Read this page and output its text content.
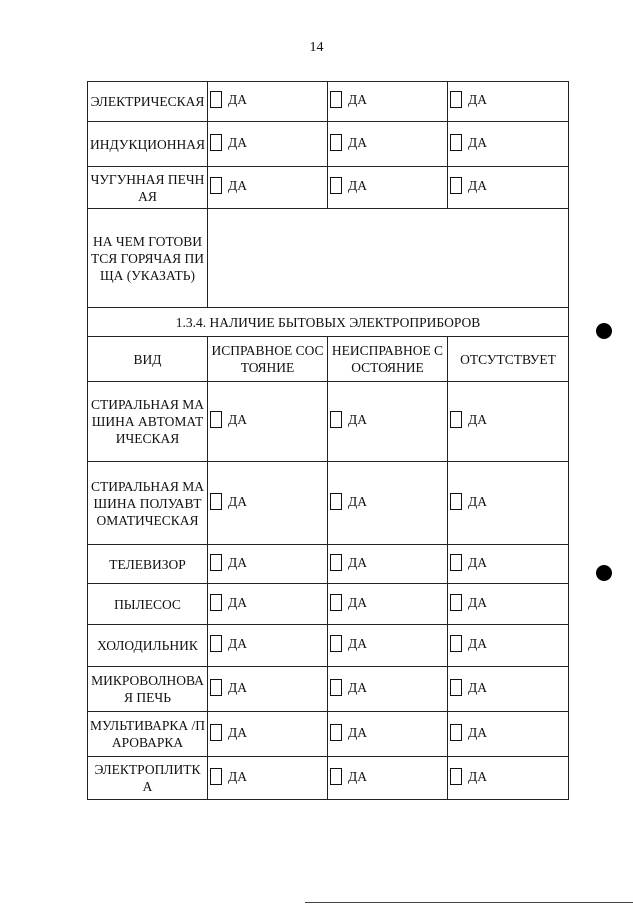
14
ЭЛЕКТРИЧЕСКАЯ	ДА	ДА	ДА

ИНДУКЦИОННАЯ	ДА	ДА	ДА

ЧУГУННАЯ ПЕЧНАЯ	ДА	ДА	ДА

НА ЧЕМ ГОТОВИТСЯ ГОРЯЧАЯ ПИЩА (УКАЗАТЬ)			
1.3.4. НАЛИЧИЕ БЫТОВЫХ ЭЛЕКТРОПРИБОРОВ			
ВИД	ИСПРАВНОЕ СОСТОЯНИЕ	НЕИСПРАВНОЕ СОСТОЯНИЕ	ОТСУТСТВУЕТ
СТИРАЛЬНАЯ МАШИНА АВТОМАТИЧЕСКАЯ	ДА	ДА	ДА

СТИРАЛЬНАЯ МАШИНА ПОЛУАВТОМАТИЧЕСКАЯ	ДА	ДА	ДА

ТЕЛЕВИЗОР	ДА	ДА	ДА

ПЫЛЕСОС	ДА	ДА	ДА

ХОЛОДИЛЬНИК	ДА	ДА	ДА

МИКРОВОЛНОВАЯ ПЕЧЬ	ДА	ДА	ДА

МУЛЬТИВАРКА /ПАРОВАРКА	ДА	ДА	ДА

ЭЛЕКТРОПЛИТКА	ДА	ДА	ДА
